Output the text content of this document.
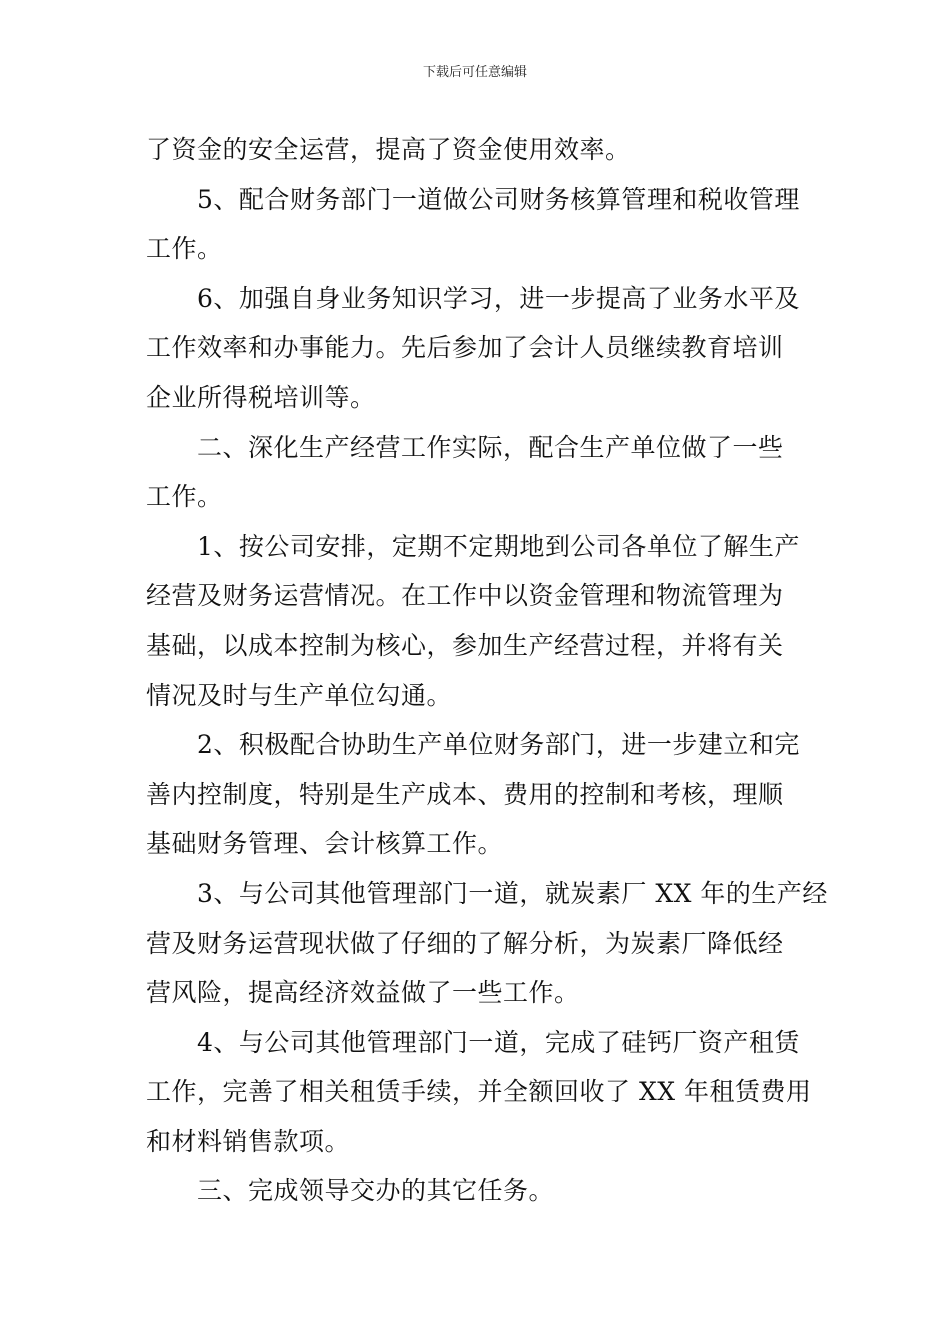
下载后可任意编辑
了资金的安全运营，提高了资金使用效率。
5、配合财务部门一道做公司财务核算管理和税收管理
工作。
6、加强自身业务知识学习，进一步提高了业务水平及
工作效率和办事能力。先后参加了会计人员继续教育培训
企业所得税培训等。
二、深化生产经营工作实际，配合生产单位做了一些
工作。
1、按公司安排，定期不定期地到公司各单位了解生产
经营及财务运营情况。在工作中以资金管理和物流管理为
基础，以成本控制为核心，参加生产经营过程，并将有关
情况及时与生产单位勾通。
2、积极配合协助生产单位财务部门，进一步建立和完
善内控制度，特别是生产成本、费用的控制和考核，理顺
基础财务管理、会计核算工作。
3、与公司其他管理部门一道，就炭素厂 XX 年的生产经
营及财务运营现状做了仔细的了解分析，为炭素厂降低经
营风险，提高经济效益做了一些工作。
4、与公司其他管理部门一道，完成了硅钙厂资产租赁
工作，完善了相关租赁手续，并全额回收了 XX 年租赁费用
和材料销售款项。
三、完成领导交办的其它任务。
